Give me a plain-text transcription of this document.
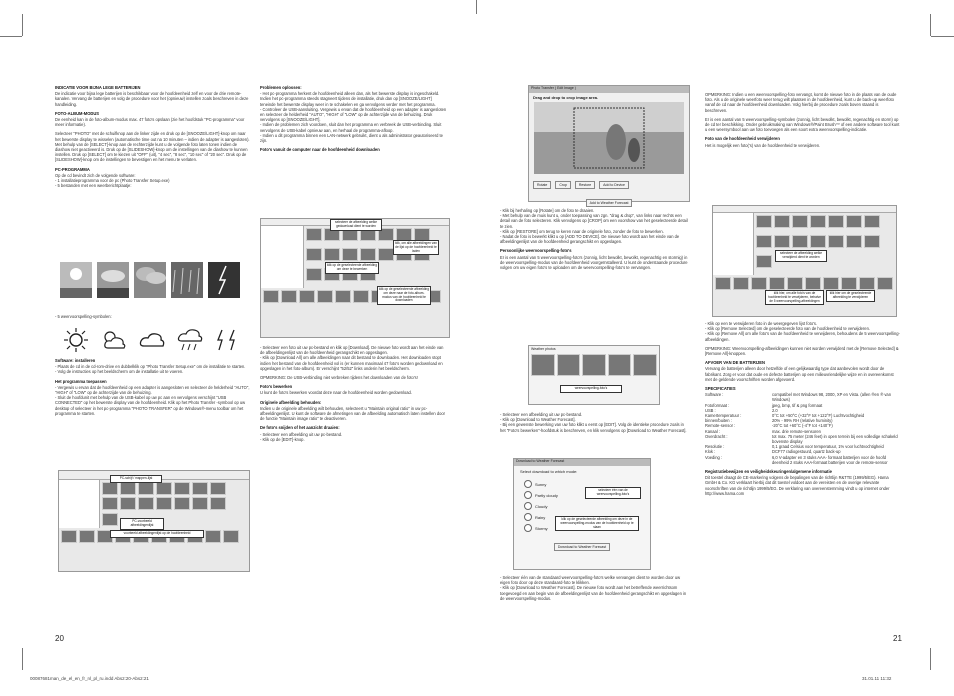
INDICATIE VOOR BIJNA LEGE BATTERIJEN

De indicatie voor bijna lege batterijen is beschikbaar voor de hoofdeenheid zelf en voor de drie remote-kanalen. Vervang de batterijen en volg de procedure voor het (opnieuw) instellen zoals beschreven in deze handleiding.

FOTO-ALBUM-MODUS

De eenheid kan in de foto-album-modus max. 47 foto's opslaan (zie het hoofdstuk "PC-programma" voor meer informatie).

Selecteer "PHOTO" met de schuifknop aan de linker zijde en druk op de [SNOOZE/LIGHT]-knop om naar het bewerste display te wisselen (automatische time out na 10 minuten – indien de adapter is aangesloten). Met behulp van de [SELECT]-knop aan de rechterzijde kunt u de volgende foto laten tonen indien de diashow niet geactiveerd is. Druk op de [SLIDESHOW]-knop om de instellingen van de diashow te kunnen instellen. Druk op [SELECT] om te kiezen uit "OFF" (uit), "4 sec", "8 sec", "10 sec" of "20 sec". Druk op de [SLIDESHOW]-knop om de instellingen te bevestigen en het menu te verlaten.

PC-PROGRAMMA
Op de cd bevindt zich de volgende software:
- 1 installatieprogramma voor de pc (Photo Transfer Setup.exe)
- 5 bestanden met een weerberichtplaatje:
- 5 weervoorspelling-symbolen:
Software: installeren
- Plaats de cd in de cd-rom-drive en dubbelklik op "Photo Transfer Setup.exe" om de installatie te starten.
- Volg de instructies op het beeldscherm om de installatie uit te voeren.
Het programma toepassen
- Vergewis u ervan dat de hoofdeenheid op een adapter is aangesloten en selecteer de helderheid "AUTO", "HIGH" of "LOW" op de achterzijde van de behuizing.
- Sluit de hoofdunit met behulp van de USB-kabel op uw pc aan en vervolgens verschijnt "USB CONNECTED" op het bewerste display van de hoofdeenheid. Klik op het Photo Transfer -symbool op uw desktop of selecteer in het pc-programma "PHOTO TRANSFER" op de Windows®-menu toolbar om het programma te starten.
PC-schijf / mappen-lijst
PC-voorbeeld afbeeldingenlijst
voorbeeld afbeeldingenlijst op de hoofdeenheid
Problemen oplossen:
- Het pc-programma herkent de hoofdeenheid alleen dan, als het bewerste display is ingeschakeld. Indien het pc-programma steeds stagneert tijdens de installatie, druk dan op [SNOOZE/LIGHT] teneinde het bewerste display weer in te schakelen en ga vervolgens verder met het programma.
- Controleer de USB-aansluiting. Vergewis u ervan dat de hoofdeenheid op een adapter is aangesloten en selecteer de helderheid "AUTO", "HIGH" of "LOW" op de achterzijde van de behuizing. Druk vervolgens op [SNOOZE/LIGHT].
- Indien de problemen zich voordoen, sluit dan het programma en verbreek de USB-verbinding. Sluit vervolgens de USB-kabel opnieuw aan, en herhaal de programma-afloop.
- Indien u dit programma binnen een LAN-netwerk gebruikt, dient u als administrator geautoriseerd te zijn.
Foto's vanuit de computer naar de hoofdeenheid downloaden
selecteer de afbeelding welke gedownload dient te worden
klik, om alle afbeeldingen van de lijst op de hoofdeenheid te laden
klik op de geselecteerde afbeelding om deze te bewerken
klik op de geselecteerde afbeelding om deze naar de foto-album-modus van de hoofdeenheid te downloaden
- Selecteer een foto uit uw pc-bestand en klik op [Download]. De nieuwe foto wordt aan het einde van de afbeeldingenlijst van de hoofdeenheid gerangschikt en opgeslagen.
- Klik op [Download All] om alle afbeeldingen naar dit bestand te downloaden. Het downloaden stopt indien het bestand van de hoofdeenheid vol is (er kunnen maximaal 47 foto's worden gedownload en opgeslagen in het foto-album). Er verschijnt "52/52" links onderin het beeldscherm.

OPMERKING: De USB-verbinding niet verbreken tijdens het downloaden van de foto's!

Foto's bewerken

U kunt de foto's bewerken voordat deze naar de hoofdeenheid worden gedownload.

Originele afbeelding behouden:

Indien u de originele afbeelding wilt behouden, selecteert u "Maintain original ratio" in uw pc-afbeeldingenlijst. U kunt de software de afmetingen van de afbeelding automatisch laten instellen door de functie "Maintain image ratio" te deactiveren.

De foto's snijden of het aanzicht draaien:
- Selecteer een afbeelding uit uw pc-bestand.
- Klik op de [EDIT]-knop.
20
Photo Transfer ( Edit Image )
Drag and drop to crop image area.
Rotate	Crop	Restore	Add to Device
Add to Weather Forecast
- Klik bij herhaling op [Rotate] om de foto te draaien.
- Met behulp van de muis kunt u, onder toepassing van zgn. "drag & drop", van links naar rechts een detail van de foto selecteren. Klik vervolgens op [CROP] om een voorshow van het geselecteerde detail te zien.
- Klik op [RESTORE] om terug te keren naar de originele foto, zonder de foto te bewerken.
- Nadat de foto is bewerkt klikt u op [ADD TO DEVICE]. De nieuwe foto wordt aan het einde van de afbeeldingenlijst van de hoofdeenheid gerangschikt en opgeslagen.
Persoonlijke weervoorspelling-foto's

Er is een aantal van 5 weervoorspelling-foto's (zonnig, licht bewolkt, bewolkt, regenachtig en stormig) in de weervoorspelling-modus van de hoofdeenheid voorgeïnstalleerd. U kunt de onderstaande procedure volgen om uw eigen foto's te uploaden om de weervoorspelling-foto's te vervangen.

Weather photos
weervoorspelling-foto's
- Selecteer een afbeelding uit uw pc-bestand.
- Klik op [Download to Weather Forecast].
- Bij een gewenste bewerking van uw foto klikt u eerst op [EDIT]. Volg de identieke procedure zoals in het "Foto's bewerken"-hoofdstuk is beschreven, en klik vervolgens op [Download to Weather Forecast].
Download to Weather Forecast
Select download to which mode:
Sunny
Partly cloudy
Cloudy
Rainy
Stormy
Download to Weather Forecast
selecteer één van de weervoorspelling-foto's
klik op de geselecteerde afbeelding om deze in de weervoorspelling-modus van de hoofdeenheid op te slaan
- Selecteer één van de standaard weervoorspelling-foto's welke vervangen dient te worden door uw eigen foto door op deze standaard-foto te klikken.
- Klik op [Download to Weather Forecast]. De nieuwe foto wordt aan het betreffende weerrichtsom toegevoegd en aan begin van de afbeeldingenlijst van de hoofdeenheid gerangschikt en opgeslagen in de weervoorspelling-modus.

OPMERKING: Indien u een weervoorspelling-foto vervangt, komt de nieuwe foto in de plaats van de oude foto. Als u de originele weerfoto weer terug wilt plaatsen in de hoofdeenheid, kunt u de back-up weerfoto vanaf de cd naar de hoofdeenheid downloaden. Volg hierbij de procedure zoals boven staand is beschreven.

Er is een aantal van 5 weervoorspelling-symbolen (zonnig, licht bewolkt, bewolkt, regenachtig en storm) op de cd ter beschikking. Onder gebruikmaking van Windows®/Paint Brush™ of een andere software tool kunt u een weersymbool aan uw foto toevoegen als een soort extra weervoorspelling-indicatie.

Foto van de hoofdeenheid verwijderen
Het is mogelijk een foto('s) van de hoofdeenheid te verwijderen.
selecteer de afbeelding welke verwijderd dient te worden
klik hier, om alle foto's van de hoofdeenheid te verwijderen, behalve de 5 weervoorspelling-afbeeldingen
klik hier om de geselecteerde afbeelding te verwijderen
- Klik op een te verwijderen foto in de weergegeven lijst foto's.
- Klik op [Remove Selected] om de geselecteerde foto van de hoofdeenheid te verwijderen.
- Klik op [Remove All] om alle foto's van de hoofdeenheid te verwijderen, behoudens de 5 weervoorspelling-afbeeldingen.

OPMERKING: Weervoorspelling-afbeeldingen kunnen niet worden verwijderd met de [Remove Selected] & [Remove All]-knoppen.

AFVOER VAN DE BATTERIJEN

Vervang de batterijen alleen door hetzelfde of een gelijkwaardig type dat aanbevolen wordt door de fabrikant. Zorg er voor dat oude en defecte batterijen op een milieuvriendelijke wijze en in overeenkomst met de geldende voorschriften worden afgevoerd.

SPECIFICATIES
Software :	compatibel met Windows 98, 2000, XP en Vista. (allen ®en ® van Windows)
Fotoformaat :	jpeg, bmp, tif & png formaat
USB :	2.0
Kamertemperatuur :	0°C tot +50°C (+32°F tot +122°F) Luchtvochtigheid
binnen/buiten :	20% - 99% RH (relative huminity)
Remote-sensor :	-20°C tot +60°C (-4°F tot +140°F)
Kanaal :	max. drie remote-sensoren
Overdracht :	tot max. 75 meter (246 feet) in open terrein bij een volledige schakeld bovenste display
Resolutie :	0,1 graad Celsius voor temperatuur, 1% voor luchtvochtigheid
Klok :	DCF77 radiogestuurd, quartz back-up
Voeding :	6,0 V-adapter en 3 stuks AAA- formaat batterijen voor de hoofd deenheid 2 stuks AAA-formaat batterijen voor de remote-sensor
Registratiebewijzen en veiligheidskeuringen/algemene informatie

Dit toestel draagt de CE-markering volgens de bepalingen van de richtlijn R&TTE (1999/5/EG). Hama GmbH & Co. KG verklaart hierbij dat dit toestel voldoet aan de vereisten en de overige relevante voorschriften van de richtlijn 1999/5/EG. De verklaring van overeenstemming vindt u op internet onder http://www.hama.com

21
00087681man_de_el_en_fr_nl_pl_ru.indd Abs2:20-Abs2:21	31.01.11 11:32
